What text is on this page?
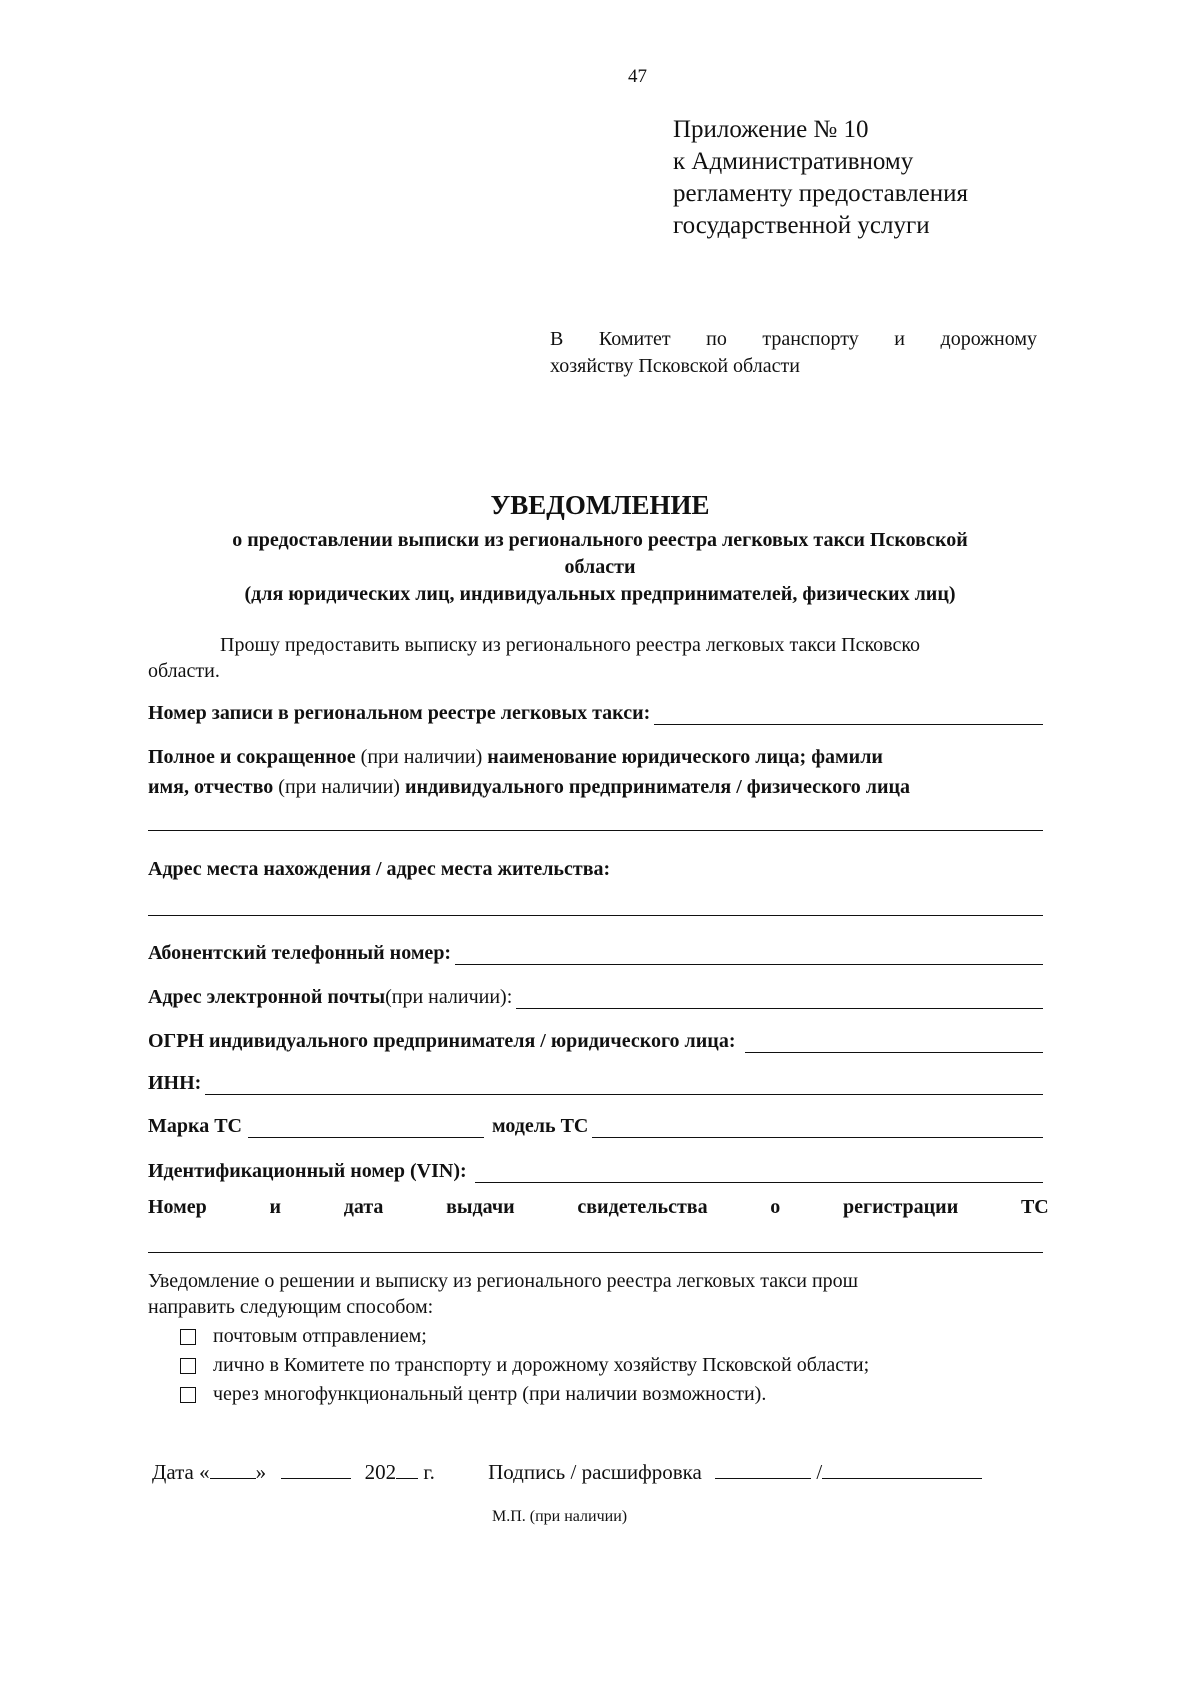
47
Приложение № 10
к Административному
регламенту предоставления
государственной услуги
В Комитет по транспорту и дорожному
хозяйству Псковской области
УВЕДОМЛЕНИЕ
о предоставлении выписки из регионального реестра легковых такси Псковской
области
(для юридических лиц, индивидуальных предпринимателей, физических лиц)
Прошу предоставить выписку из регионального реестра легковых такси Псковско
области.
Номер записи в региональном реестре легковых такси:
Полное и сокращенное (при наличии) наименование юридического лица; фамили
имя, отчество (при наличии) индивидуального предпринимателя / физического лица
Адрес места нахождения / адрес места жительства:
Абонентский телефонный номер:
Адрес электронной почты (при наличии):
ОГРН индивидуального предпринимателя / юридического лица:
ИНН:
Марка ТС	модель ТС
Идентификационный номер (VIN):
Номер	и	дата	выдачи	свидетельства	о	регистрации	ТС
Уведомление о решении и выписку из регионального реестра легковых такси прош
направить следующим способом:
почтовым отправлением;
лично в Комитете по транспорту и дорожному хозяйству Псковской области;
через многофункциональный центр (при наличии возможности).
Дата « »	202 г.	Подпись / расшифровка	/
М.П. (при наличии)
